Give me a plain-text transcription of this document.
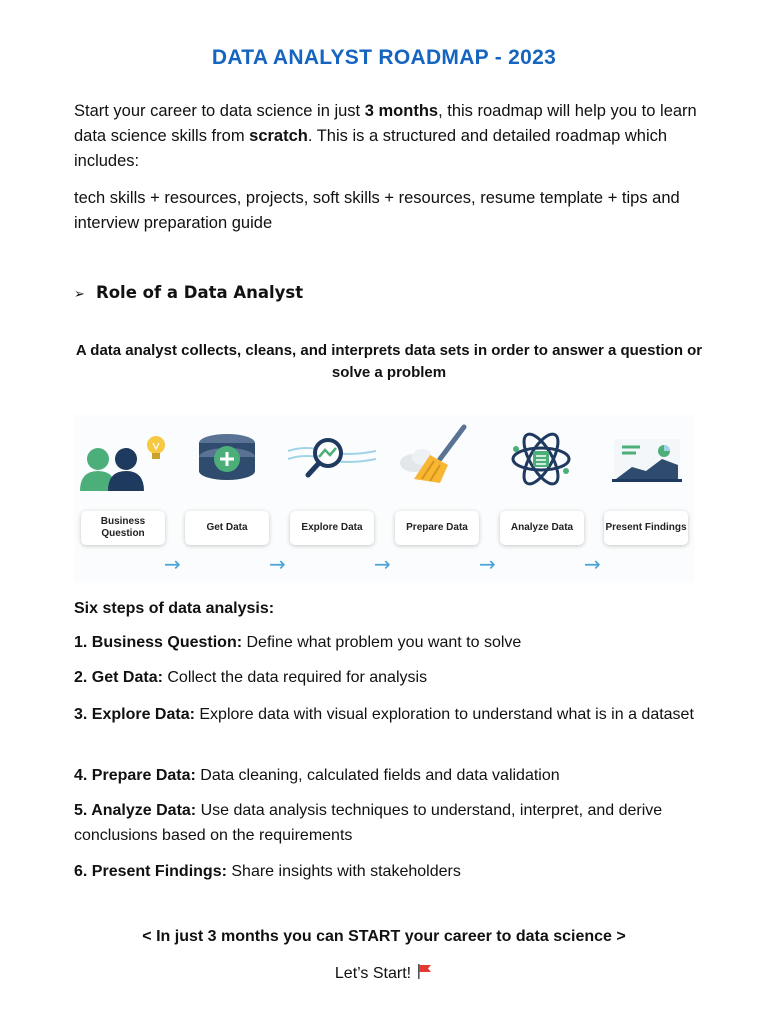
DATA ANALYST ROADMAP - 2023
Start your career to data science in just 3 months, this roadmap will help you to learn data science skills from scratch. This is a structured and detailed roadmap which includes:
tech skills + resources, projects, soft skills + resources, resume template + tips and interview preparation guide
➢ Role of a Data Analyst
A data analyst collects, cleans, and interprets data sets in order to answer a question or solve a problem
Business Question
Get Data	Explore Data	Prepare Data	Analyze Data	Present Findings
→	→	→	→	→
Six steps of data analysis:
1. Business Question: Define what problem you want to solve
2. Get Data: Collect the data required for analysis
3. Explore Data: Explore data with visual exploration to understand what is in a dataset
4. Prepare Data: Data cleaning, calculated fields and data validation
5. Analyze Data: Use data analysis techniques to understand, interpret, and derive conclusions based on the requirements
6. Present Findings: Share insights with stakeholders
< In just 3 months you can START your career to data science >
Let’s Start!
